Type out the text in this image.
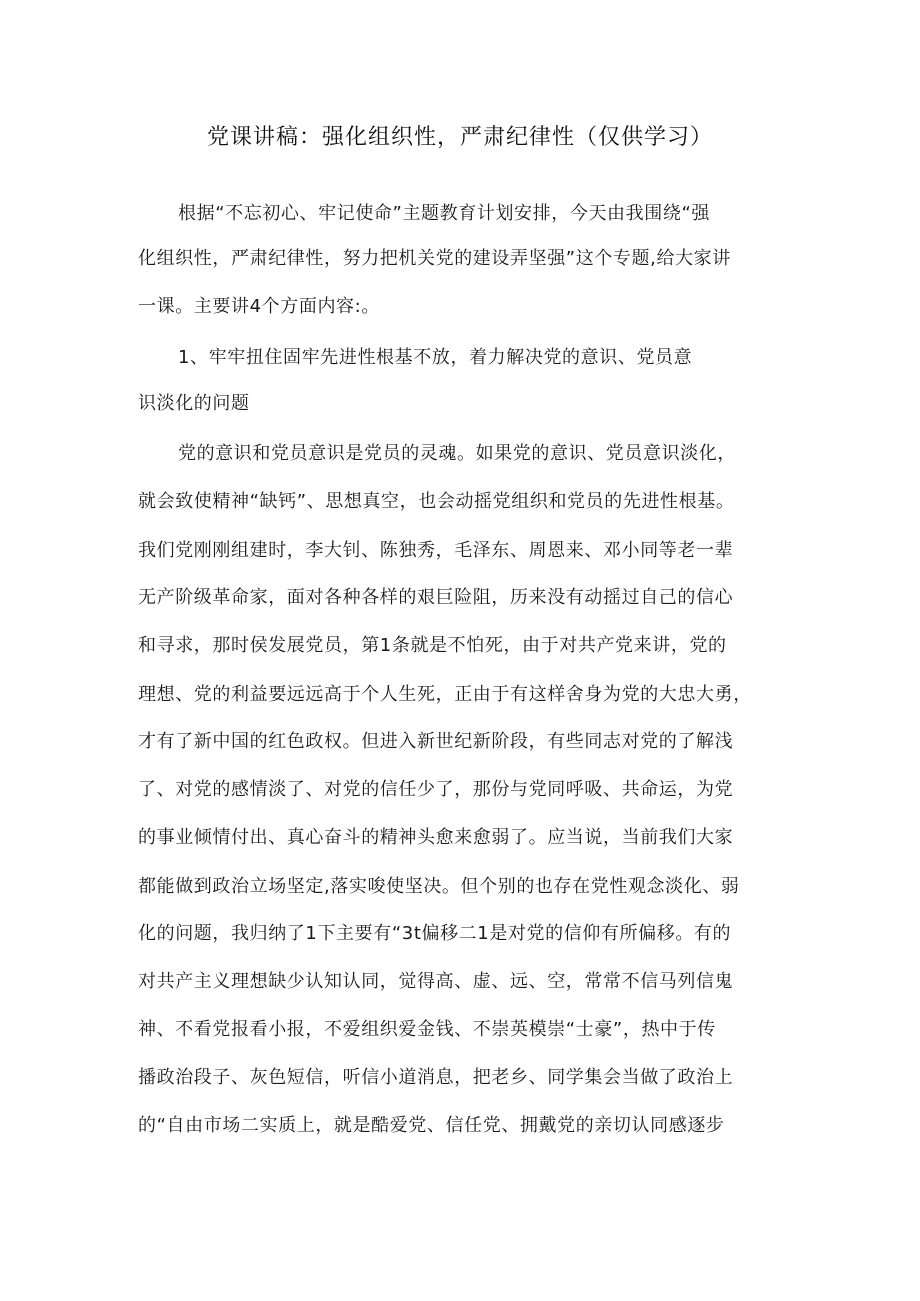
党课讲稿：强化组织性，严肃纪律性（仅供学习）
根据“不忘初心、牢记使命”主题教育计划安排，今天由我围绕“强
化组织性，严肃纪律性，努力把机关党的建设弄坚强”这个专题,给大家讲
一课。主要讲4个方面内容:。
1、牢牢扭住固牢先进性根基不放，着力解决党的意识、党员意
识淡化的问题
党的意识和党员意识是党员的灵魂。如果党的意识、党员意识淡化，
就会致使精神“缺钙”、思想真空，也会动摇党组织和党员的先进性根基。
我们党刚刚组建时，李大钊、陈独秀，毛泽东、周恩来、邓小同等老一辈
无产阶级革命家，面对各种各样的艰巨险阻，历来没有动摇过自己的信心
和寻求，那时侯发展党员，第1条就是不怕死，由于对共产党来讲，党的
理想、党的利益要远远高于个人生死，正由于有这样舍身为党的大忠大勇，
才有了新中国的红色政权。但进入新世纪新阶段，有些同志对党的了解浅
了、对党的感情淡了、对党的信任少了，那份与党同呼吸、共命运，为党
的事业倾情付出、真心奋斗的精神头愈来愈弱了。应当说，当前我们大家
都能做到政治立场坚定,落实唆使坚决。但个别的也存在党性观念淡化、弱
化的问题，我归纳了1下主要有“3t偏移二1是对党的信仰有所偏移。有的
对共产主义理想缺少认知认同，觉得高、虚、远、空，常常不信马列信鬼
神、不看党报看小报，不爱组织爱金钱、不崇英模崇“士豪”，热中于传
播政治段子、灰色短信，听信小道消息，把老乡、同学集会当做了政治上
的“自由市场二实质上，就是酷爱党、信任党、拥戴党的亲切认同感逐步
